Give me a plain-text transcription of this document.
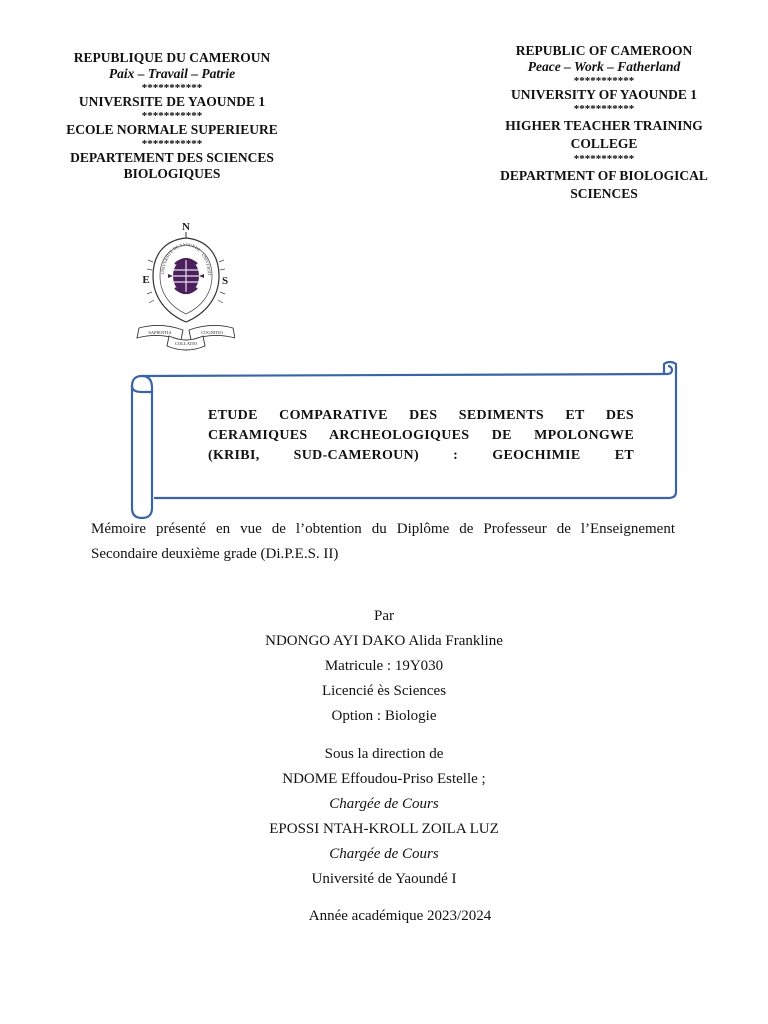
REPUBLIQUE DU CAMEROUN
Paix – Travail – Patrie
***********
UNIVERSITE DE YAOUNDE 1
***********
ECOLE NORMALE SUPERIEURE
***********
DEPARTEMENT DES SCIENCES
BIOLOGIQUES
REPUBLIC OF CAMEROON
Peace – Work – Fatherland
***********
UNIVERSITY OF YAOUNDE 1
***********
HIGHER TEACHER TRAINING
COLLEGE
***********
DEPARTMENT OF BIOLOGICAL
SCIENCES
N
E	S
UNIVERSITE DE YAOUNDE · UNIVERSIT
SAPIENTIA	COGNITIO
COLLATIO
ETUDE COMPARATIVE DES SEDIMENTS ET DES
CERAMIQUES ARCHEOLOGIQUES DE MPOLONGWE
(KRIBI, SUD-CAMEROUN) : GEOCHIMIE ET
Mémoire présenté en vue de l’obtention du Diplôme de Professeur de l’Enseignement Secondaire deuxième grade (Di.P.E.S. II)
Par
NDONGO AYI DAKO Alida Frankline
Matricule : 19Y030
Licencié ès Sciences
Option : Biologie
Sous la direction de
NDOME Effoudou-Priso Estelle ;
Chargée de Cours
EPOSSI NTAH-KROLL ZOILA LUZ
Chargée de Cours
Université de Yaoundé I
Année académique 2023/2024
